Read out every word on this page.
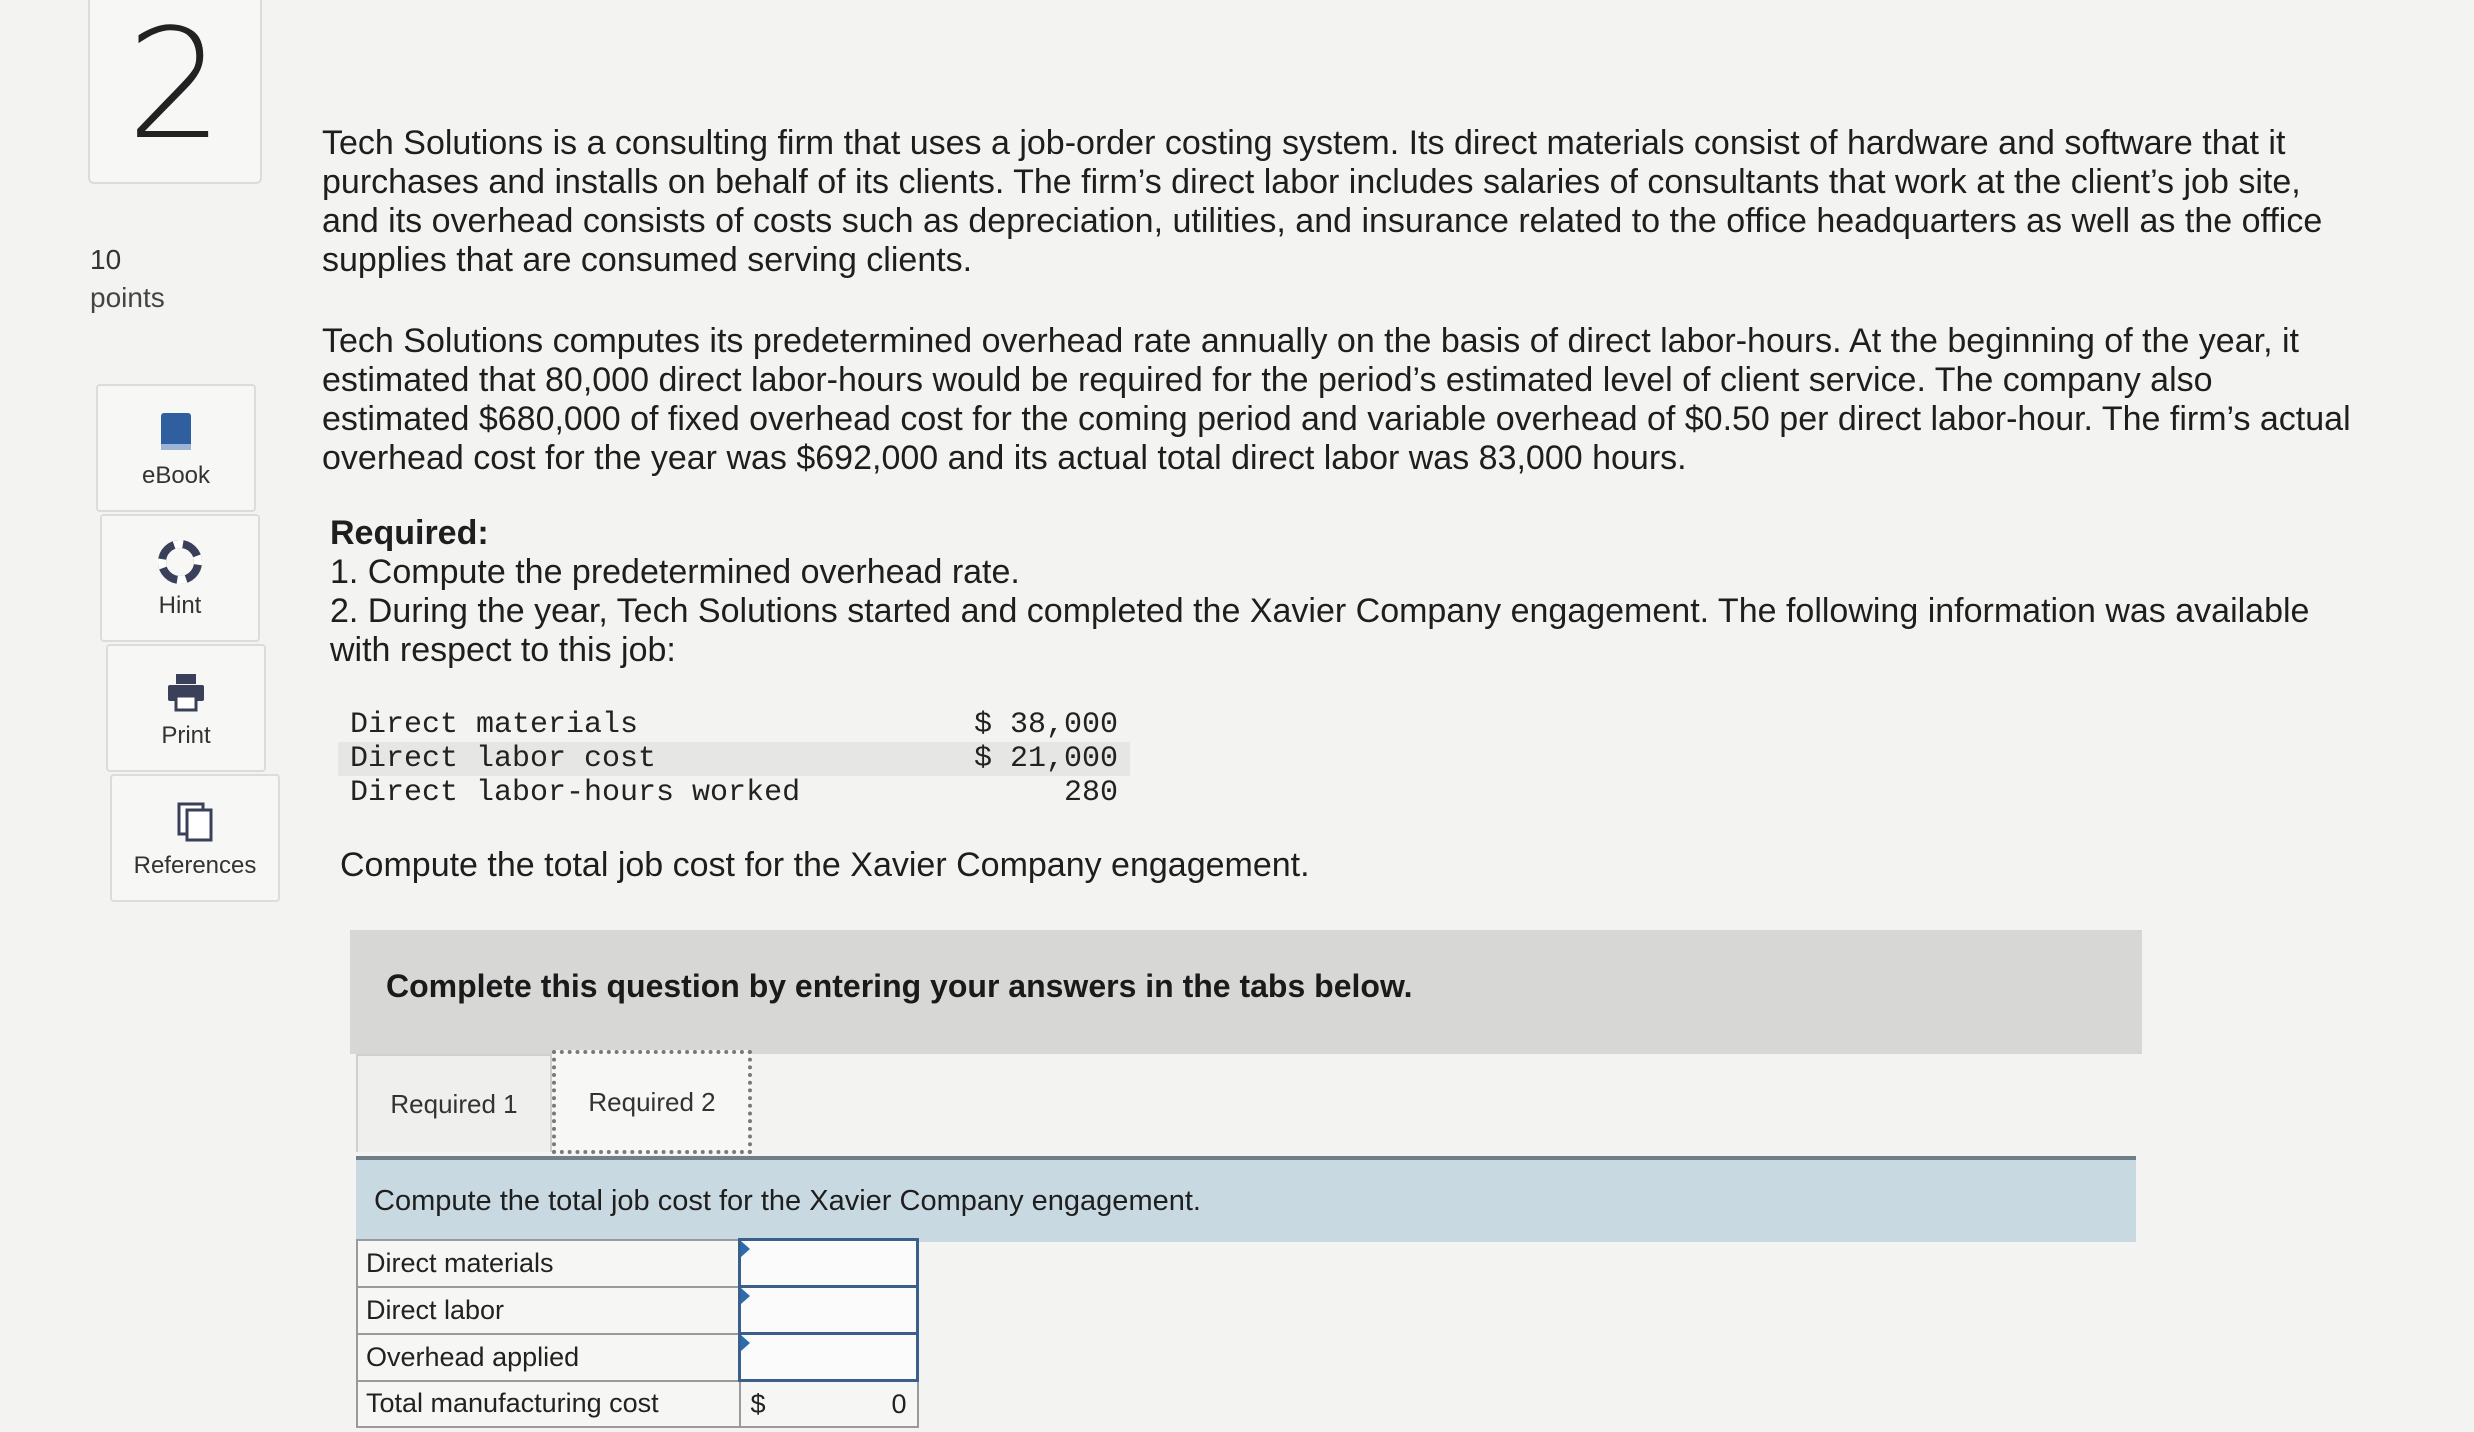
2
10
points
eBook
Hint
Print
References
Tech Solutions is a consulting firm that uses a job-order costing system. Its direct materials consist of hardware and software that it purchases and installs on behalf of its clients. The firm’s direct labor includes salaries of consultants that work at the client’s job site, and its overhead consists of costs such as depreciation, utilities, and insurance related to the office headquarters as well as the office supplies that are consumed serving clients.
Tech Solutions computes its predetermined overhead rate annually on the basis of direct labor-hours. At the beginning of the year, it estimated that 80,000 direct labor-hours would be required for the period’s estimated level of client service. The company also estimated $680,000 of fixed overhead cost for the coming period and variable overhead of $0.50 per direct labor-hour. The firm’s actual overhead cost for the year was $692,000 and its actual total direct labor was 83,000 hours.
Required:
1. Compute the predetermined overhead rate.
2. During the year, Tech Solutions started and completed the Xavier Company engagement. The following information was available with respect to this job:
Direct materials	$ 38,000
Direct labor cost	$ 21,000
Direct labor-hours worked	280
Compute the total job cost for the Xavier Company engagement.
Complete this question by entering your answers in the tabs below.
Required 1	Required 2
Compute the total job cost for the Xavier Company engagement.
Direct materials	
Direct labor	
Overhead applied	
Total manufacturing cost	$ 0
